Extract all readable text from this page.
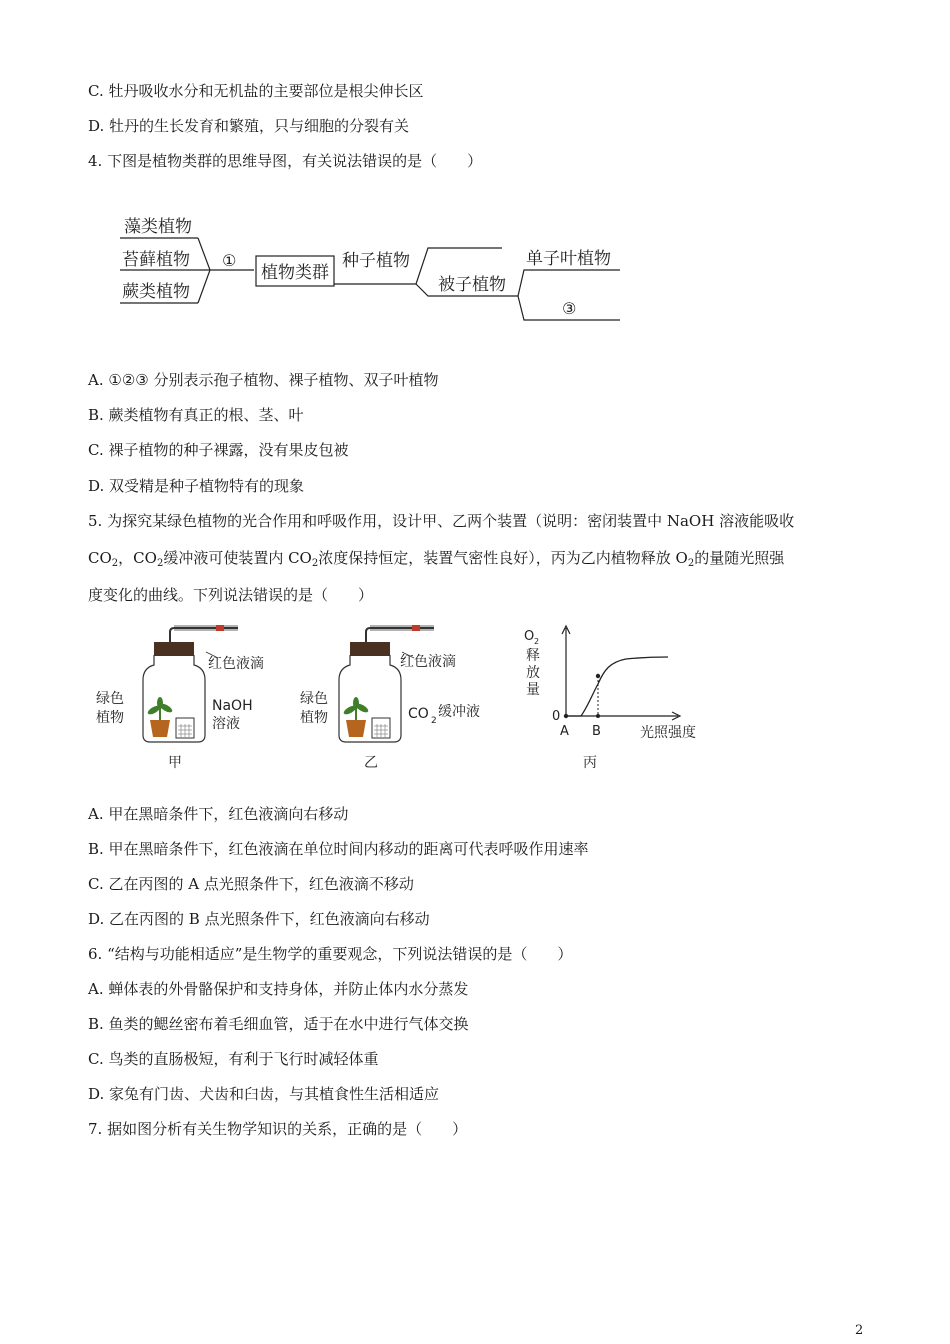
C. 牡丹吸收水分和无机盐的主要部位是根尖伸长区
D. 牡丹的生长发育和繁殖，只与细胞的分裂有关
4. 下图是植物类群的思维导图，有关说法错误的是（　　）
藻类植物
苔藓植物
蕨类植物
①
植物类群
种子植物
被子植物
单子叶植物
③
A. ①②③ 分别表示孢子植物、裸子植物、双子叶植物
B. 蕨类植物有真正的根、茎、叶
C. 裸子植物的种子裸露，没有果皮包被
D. 双受精是种子植物特有的现象
5. 为探究某绿色植物的光合作用和呼吸作用，设计甲、乙两个装置（说明：密闭装置中 NaOH 溶液能吸收
$CO_2$，$CO_2$缓冲液可使装置内 $CO_2$浓度保持恒定，装置气密性良好），丙为乙内植物释放 $O_2$的量随光照强
度变化的曲线。下列说法错误的是（　　）
红色液滴
绿色
植物
NaOH
溶液
甲
红色液滴
绿色
植物	CO 2
缓冲液
乙
O 2
释
放
量
0
A B	光照强度
丙
A. 甲在黑暗条件下，红色液滴向右移动
B. 甲在黑暗条件下，红色液滴在单位时间内移动的距离可代表呼吸作用速率
C. 乙在丙图的 A 点光照条件下，红色液滴不移动
D. 乙在丙图的 B 点光照条件下，红色液滴向右移动
6. “结构与功能相适应”是生物学的重要观念，下列说法错误的是（　　）
A. 蝉体表的外骨骼保护和支持身体，并防止体内水分蒸发
B. 鱼类的鳃丝密布着毛细血管，适于在水中进行气体交换
C. 鸟类的直肠极短，有利于飞行时减轻体重
D. 家兔有门齿、犬齿和臼齿，与其植食性生活相适应
7. 据如图分析有关生物学知识的关系，正确的是（　　）
2
